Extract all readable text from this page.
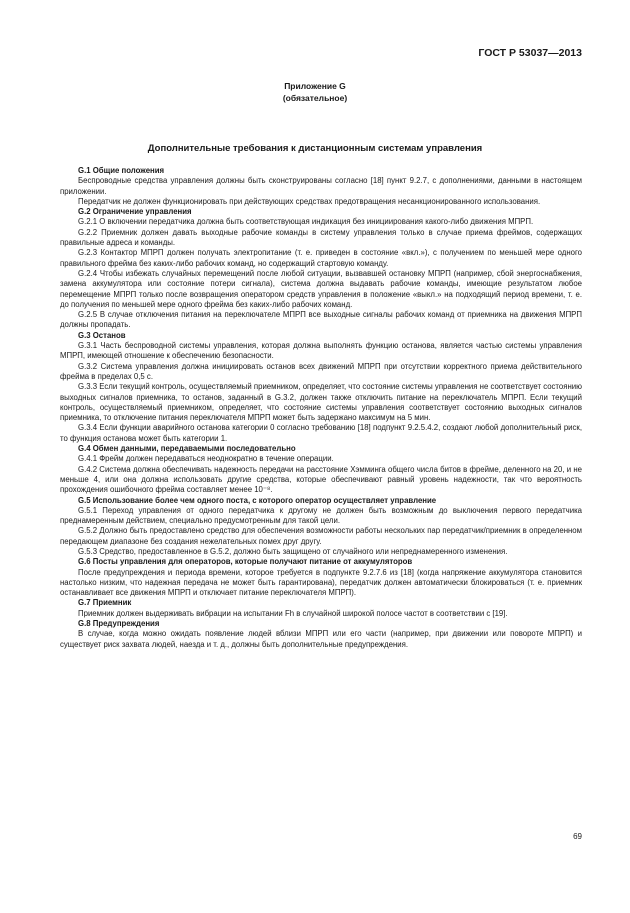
ГОСТ Р 53037—2013
Приложение G
(обязательное)
Дополнительные требования к дистанционным системам управления

G.1 Общие положения

Беспроводные средства управления должны быть сконструированы согласно [18] пункт 9.2.7, с дополнениями, данными в настоящем приложении.

Передатчик не должен функционировать при действующих средствах предотвращения несанкционированного использования.

G.2 Ограничение управления

G.2.1 О включении передатчика должна быть соответствующая индикация без инициирования какого-либо движения МПРП.

G.2.2 Приемник должен давать выходные рабочие команды в систему управления только в случае приема фреймов, содержащих правильные адреса и команды.

G.2.3 Контактор МПРП должен получать электропитание (т. е. приведен в состояние «вкл.»), с получением по меньшей мере одного правильного фрейма без каких-либо рабочих команд, но содержащий стартовую команду.

G.2.4 Чтобы избежать случайных перемещений после любой ситуации, вызвавшей остановку МПРП (например, сбой энергоснабжения, замена аккумулятора или состояние потери сигнала), система должна выдавать рабочие команды, имеющие результатом любое перемещение МПРП только после возвращения оператором средств управления в положение «выкл.» на подходящий период времени, т. е. до получения по меньшей мере одного фрейма без каких-либо рабочих команд.

G.2.5 В случае отключения питания на переключателе МПРП все выходные сигналы рабочих команд от приемника на движения МПРП должны пропадать.

G.3 Останов

G.3.1 Часть беспроводной системы управления, которая должна выполнять функцию останова, является частью системы управления МПРП, имеющей отношение к обеспечению безопасности.

G.3.2 Система управления должна инициировать останов всех движений МПРП при отсутствии корректного приема действительного фрейма в пределах 0,5 с.

G.3.3 Если текущий контроль, осуществляемый приемником, определяет, что состояние системы управления не соответствует состоянию выходных сигналов приемника, то останов, заданный в G.3.2, должен также отключить питание на переключатель МПРП. Если текущий контроль, осуществляемый приемником, определяет, что состояние системы управления соответствует состоянию выходных сигналов приемника, то отключение питания переключателя МПРП может быть задержано максимум на 5 мин.

G.3.4 Если функции аварийного останова категории 0 согласно требованию [18] подпункт 9.2.5.4.2, создают любой дополнительный риск, то функция останова может быть категории 1.

G.4 Обмен данными, передаваемыми последовательно

G.4.1 Фрейм должен передаваться неоднократно в течение операции.

G.4.2 Система должна обеспечивать надежность передачи на расстояние Хэмминга общего числа битов в фрейме, деленного на 20, и не меньше 4, или она должна использовать другие средства, которые обеспечивают равный уровень надежности, так что вероятность прохождения ошибочного фрейма составляет менее 10⁻⁸.

G.5 Использование более чем одного поста, с которого оператор осуществляет управление

G.5.1 Переход управления от одного передатчика к другому не должен быть возможным до выключения первого передатчика преднамеренным действием, специально предусмотренным для такой цели.

G.5.2 Должно быть предоставлено средство для обеспечения возможности работы нескольких пар передатчик/приемник в определенном передающем диапазоне без создания нежелательных помех друг другу.

G.5.3 Средство, предоставленное в G.5.2, должно быть защищено от случайного или непреднамеренного изменения.

G.6 Посты управления для операторов, которые получают питание от аккумуляторов

После предупреждения и периода времени, которое требуется в подпункте 9.2.7.6 из [18] (когда напряжение аккумулятора становится настолько низким, что надежная передача не может быть гарантирована), передатчик должен автоматически блокироваться (т. е. приемник останавливает все движения МПРП и отключает питание переключателя МПРП).

G.7 Приемник

Приемник должен выдерживать вибрации на испытании Fh в случайной широкой полосе частот в соответствии с [19].

G.8 Предупреждения

В случае, когда можно ожидать появление людей вблизи МПРП или его части (например, при движении или повороте МПРП) и существует риск захвата людей, наезда и т. д., должны быть дополнительные предупреждения.

69
